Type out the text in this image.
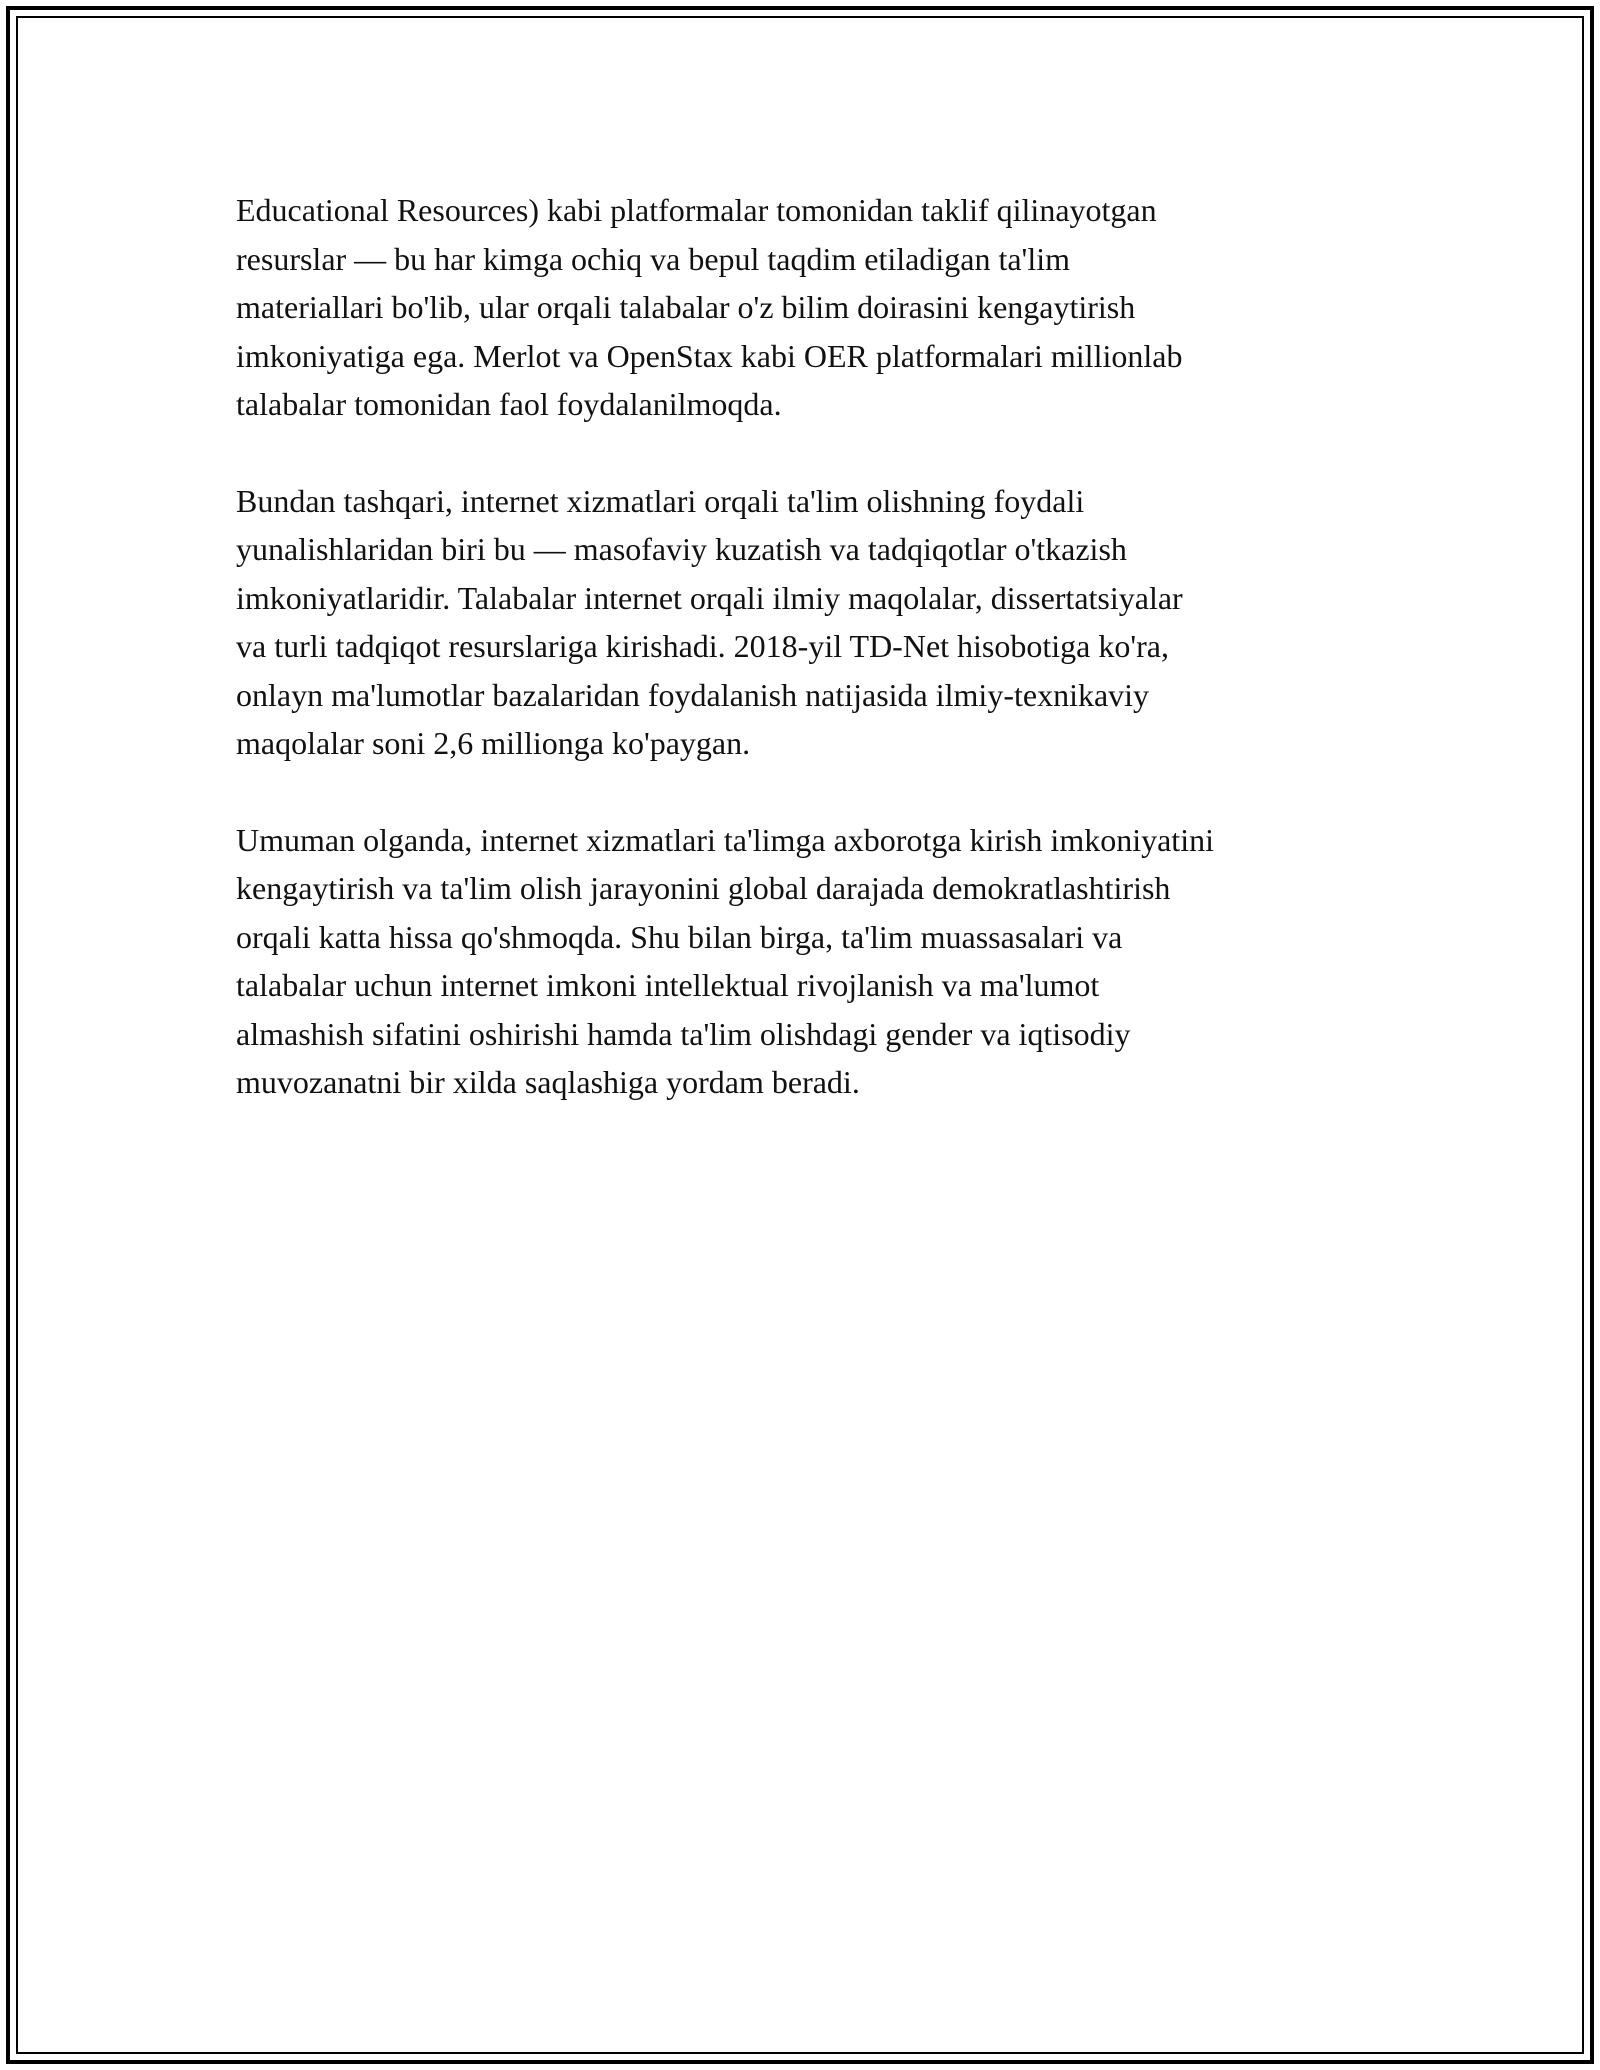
Educational Resources) kabi platformalar tomonidan taklif qilinayotgan
resurslar — bu har kimga ochiq va bepul taqdim etiladigan ta'lim
materiallari bo'lib, ular orqali talabalar o'z bilim doirasini kengaytirish
imkoniyatiga ega. Merlot va OpenStax kabi OER platformalari millionlab
talabalar tomonidan faol foydalanilmoqda.

Bundan tashqari, internet xizmatlari orqali ta'lim olishning foydali
yunalishlaridan biri bu — masofaviy kuzatish va tadqiqotlar o'tkazish
imkoniyatlaridir. Talabalar internet orqali ilmiy maqolalar, dissertatsiyalar
va turli tadqiqot resurslariga kirishadi. 2018-yil TD-Net hisobotiga ko'ra,
onlayn ma'lumotlar bazalaridan foydalanish natijasida ilmiy-texnikaviy
maqolalar soni 2,6 millionga ko'paygan.

Umuman olganda, internet xizmatlari ta'limga axborotga kirish imkoniyatini
kengaytirish va ta'lim olish jarayonini global darajada demokratlashtirish
orqali katta hissa qo'shmoqda. Shu bilan birga, ta'lim muassasalari va
talabalar uchun internet imkoni intellektual rivojlanish va ma'lumot
almashish sifatini oshirishi hamda ta'lim olishdagi gender va iqtisodiy
muvozanatni bir xilda saqlashiga yordam beradi.
